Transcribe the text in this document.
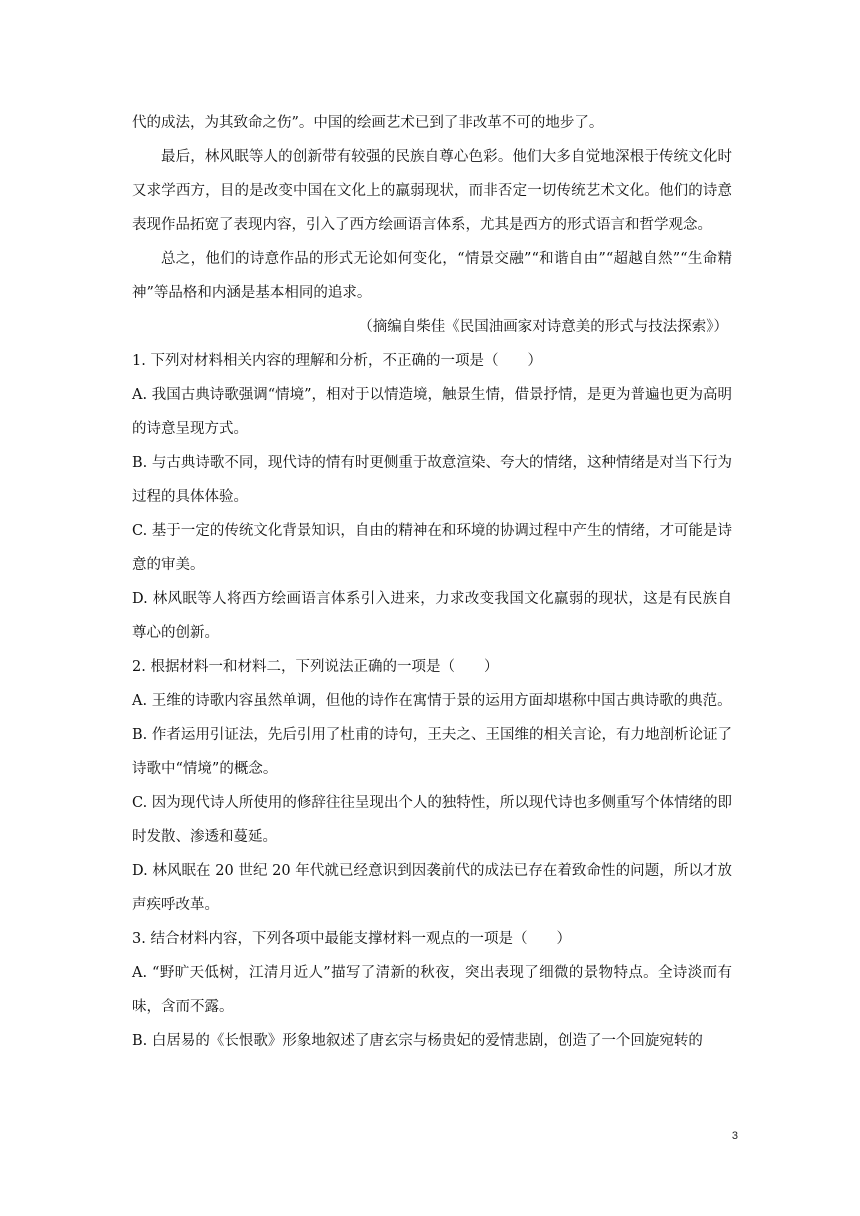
代的成法，为其致命之伤”。中国的绘画艺术已到了非改革不可的地步了。

最后，林风眠等人的创新带有较强的民族自尊心色彩。他们大多自觉地深根于传统文化时又求学西方，目的是改变中国在文化上的羸弱现状，而非否定一切传统艺术文化。他们的诗意表现作品拓宽了表现内容，引入了西方绘画语言体系，尤其是西方的形式语言和哲学观念。

总之，他们的诗意作品的形式无论如何变化，“情景交融”“和谐自由”“超越自然”“生命精神”等品格和内涵是基本相同的追求。

（摘编自柴佳《民国油画家对诗意美的形式与技法探索》）

1. 下列对材料相关内容的理解和分析，不正确的一项是（　　）

A. 我国古典诗歌强调“情境”，相对于以情造境，触景生情，借景抒情，是更为普遍也更为高明的诗意呈现方式。

B. 与古典诗歌不同，现代诗的情有时更侧重于故意渲染、夸大的情绪，这种情绪是对当下行为过程的具体体验。

C. 基于一定的传统文化背景知识，自由的精神在和环境的协调过程中产生的情绪，才可能是诗意的审美。

D. 林风眠等人将西方绘画语言体系引入进来，力求改变我国文化羸弱的现状，这是有民族自尊心的创新。

2. 根据材料一和材料二，下列说法正确的一项是（　　）

A. 王维的诗歌内容虽然单调，但他的诗作在寓情于景的运用方面却堪称中国古典诗歌的典范。

B. 作者运用引证法，先后引用了杜甫的诗句，王夫之、王国维的相关言论，有力地剖析论证了诗歌中“情境”的概念。

C. 因为现代诗人所使用的修辞往往呈现出个人的独特性，所以现代诗也多侧重写个体情绪的即时发散、渗透和蔓延。

D. 林风眠在 20 世纪 20 年代就已经意识到因袭前代的成法已存在着致命性的问题，所以才放声疾呼改革。

3. 结合材料内容，下列各项中最能支撑材料一观点的一项是（　　）

A. “野旷天低树，江清月近人”描写了清新的秋夜，突出表现了细微的景物特点。全诗淡而有味，含而不露。

B. 白居易的《长恨歌》形象地叙述了唐玄宗与杨贵妃的爱情悲剧，创造了一个回旋宛转的

3
